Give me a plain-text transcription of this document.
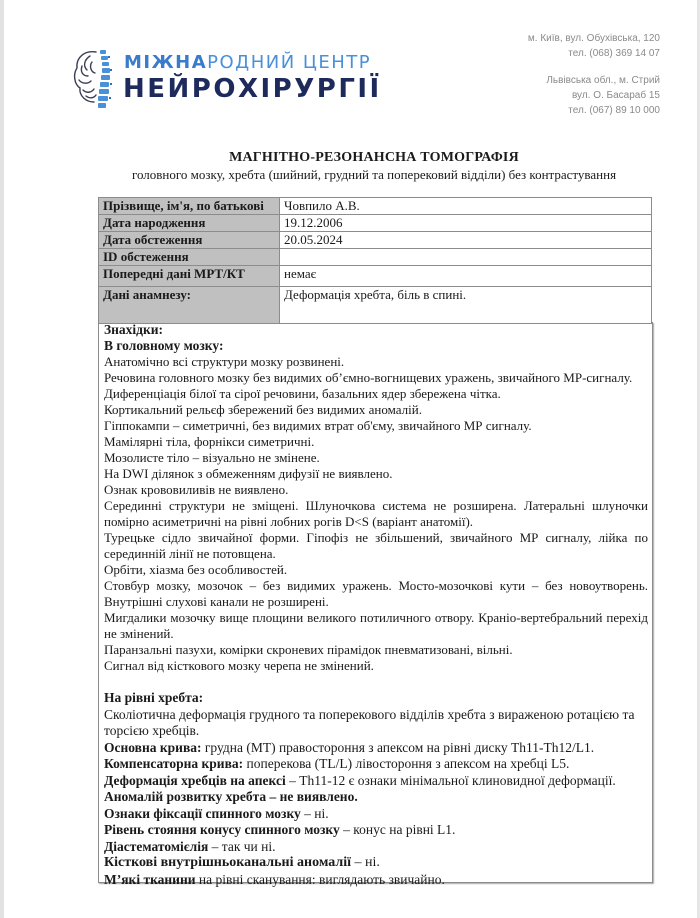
МІЖНАРОДНИЙ ЦЕНТР
НЕЙРОХІРУРГІЇ
м. Київ, вул. Обухівська, 120
тел. (068) 369 14 07
Львівська обл., м. Стрий
вул. О. Басараб 15
тел. (067) 89 10 000
МАГНІТНО-РЕЗОНАНСНА ТОМОГРАФІЯ
головного мозку, хребта (шийний, грудний та поперековий відділи) без контрастування
Прізвище, ім'я, по батькові	Човпило А.В.
Дата народження	19.12.2006
Дата обстеження	20.05.2024
ID обстеження	
Попередні дані МРТ/КТ	немає
Дані анамнезу:	Деформація хребта, біль в спині.

Знахідки:

В головному мозку:

Анатомічно всі структури мозку розвинені.

Речовина головного мозку без видимих об’ємно-вогнищевих уражень, звичайного МР-сигналу.

Диференціація білої та сірої речовини, базальних ядер збережена чітка.

Кортикальний рельєф збережений без видимих аномалій.

Гіппокампи – симетричні, без видимих втрат об'єму, звичайного МР сигналу.

Мамілярні тіла, форнікси симетричні.

Мозолисте тіло – візуально не змінене.

На DWI ділянок з обмеженням дифузії не виявлено.

Ознак крововиливів не виявлено.

Серединні структури не зміщені. Шлуночкова система не розширена. Латеральні шлуночки помірно асиметричні на рівні лобних рогів D<S (варіант анатомії).

Турецьке сідло звичайної форми. Гіпофіз не збільшений, звичайного МР сигналу, лійка по серединній лінії не потовщена.

Орбіти, хіазма без особливостей.

Стовбур мозку, мозочок – без видимих уражень. Мосто-мозочкові кути – без новоутворень. Внутрішні слухові канали не розширені.

Мигдалики мозочку вище площини великого потиличного отвору. Краніо-вертебральний перехід не змінений.

Паранзальні пазухи, комірки скроневих пірамідок пневматизовані, вільні.

Сигнал від кісткового мозку черепа не змінений.

На рівні хребта:

Сколіотична деформація грудного та поперекового відділів хребта з вираженою ротацією та торсією хребців.

Основна крива: грудна (МТ) правостороння з апексом на рівні диску Th11-Th12/L1.

Компенсаторна крива: поперекова (TL/L) лівостороння з апексом на хребці L5.

Деформація хребців на апексі – Th11-12 є ознаки мінімальної клиновидної деформації.

Аномалій розвитку хребта – не виявлено.

Ознаки фіксації спинного мозку – ні.

Рівень стояння конусу спинного мозку – конус на рівні L1.

Діастематомієлія – так чи ні.

Кісткові внутрішньоканальні аномалії – ні.

М’які тканини на рівні сканування: виглядають звичайно.
